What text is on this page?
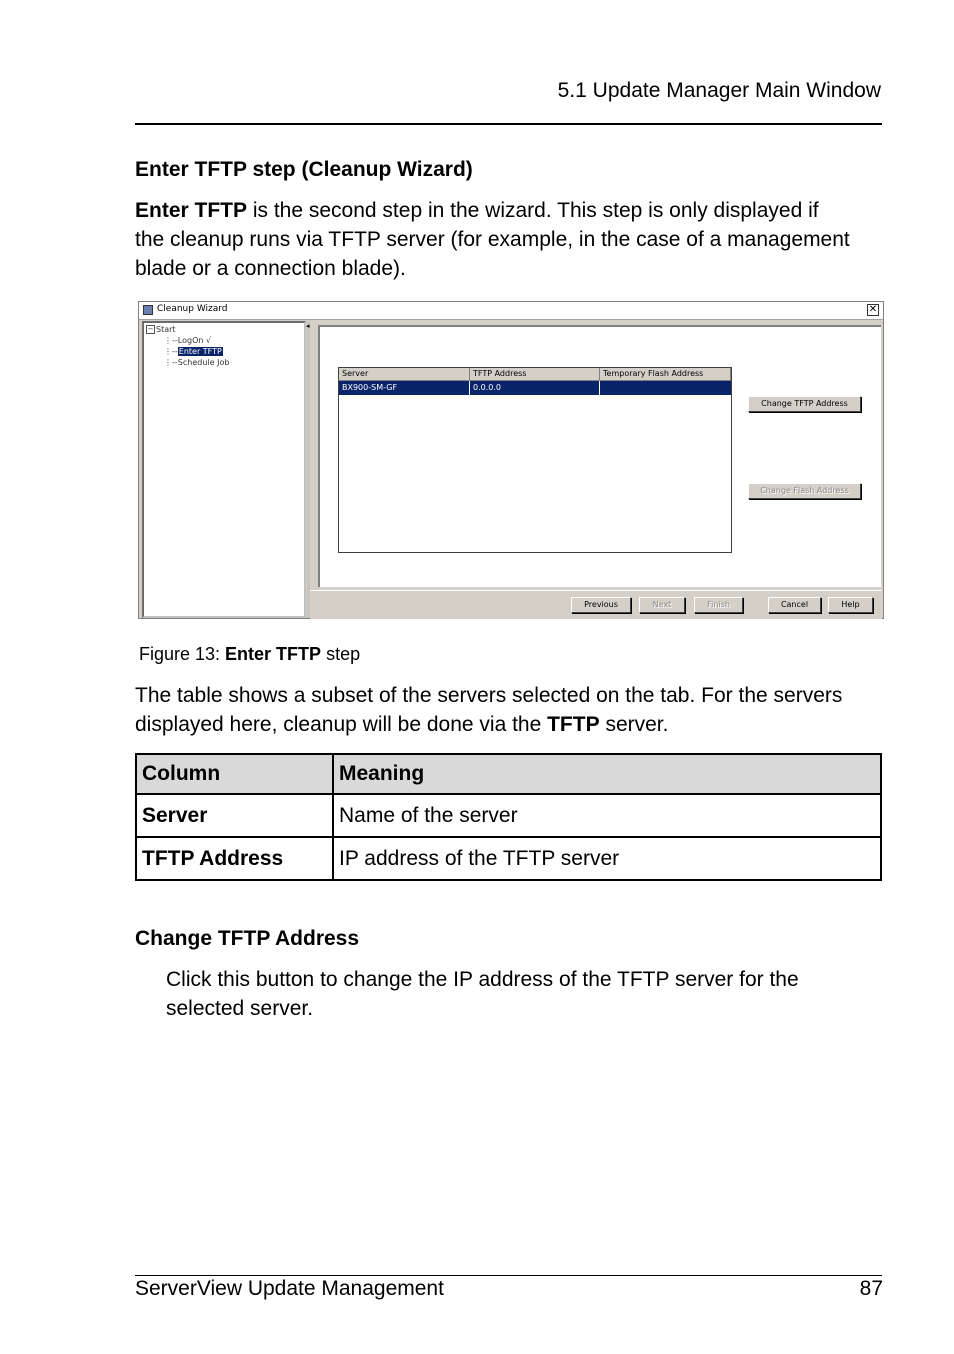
5.1 Update Manager Main Window
Enter TFTP step (Cleanup Wizard)
Enter TFTP is the second step in the wizard. This step is only displayed if
the cleanup runs via TFTP server (for example, in the case of a management
blade or a connection blade).
Cleanup Wizard	✕
− Start
⋮--LogOn √
⋮--Enter TFTP
⋮--Schedule Job
◂
Server	TFTP Address	Temporary Flash Address
BX900-SM-GF	0.0.0.0
Change TFTP Address
Change Flash Address
Previous	Next	Finish	Cancel	Help
Figure 13: Enter TFTP step
The table shows a subset of the servers selected on the tab. For the servers
displayed here, cleanup will be done via the TFTP server.
Column	Meaning
Server	Name of the server
TFTP Address	IP address of the TFTP server
Change TFTP Address
Click this button to change the IP address of the TFTP server for the
selected server.
ServerView Update Management	87
